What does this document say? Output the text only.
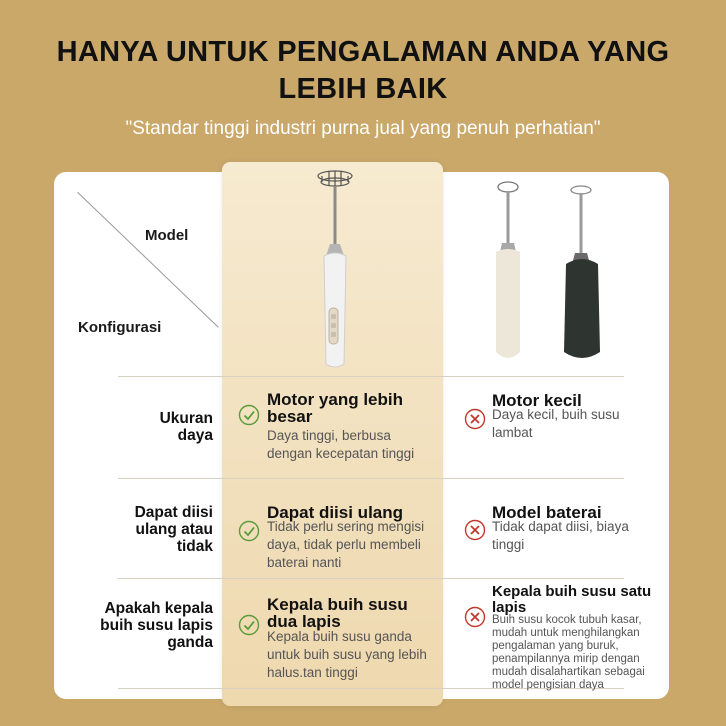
HANYA UNTUK PENGALAMAN ANDA YANG
LEBIH BAIK
"Standar tinggi industri purna jual yang penuh perhatian"
Model
Konfigurasi
Ukuran
daya
Motor yang lebih
besar
Daya tinggi, berbusa
dengan kecepatan tinggi
Motor kecil
Daya kecil, buih susu
lambat
Dapat diisi
ulang atau
tidak
Dapat diisi ulang
Tidak perlu sering mengisi
daya, tidak perlu membeli
baterai nanti
Model baterai
Tidak dapat diisi, biaya
tinggi
Apakah kepala
buih susu lapis
ganda
Kepala buih susu
dua lapis
Kepala buih susu ganda
untuk buih susu yang lebih
halus.tan tinggi
Kepala buih susu satu
lapis
Buih susu kocok tubuh kasar,
mudah untuk menghilangkan
pengalaman yang buruk,
penampilannya mirip dengan
mudah disalahartikan sebagai
model pengisian daya
